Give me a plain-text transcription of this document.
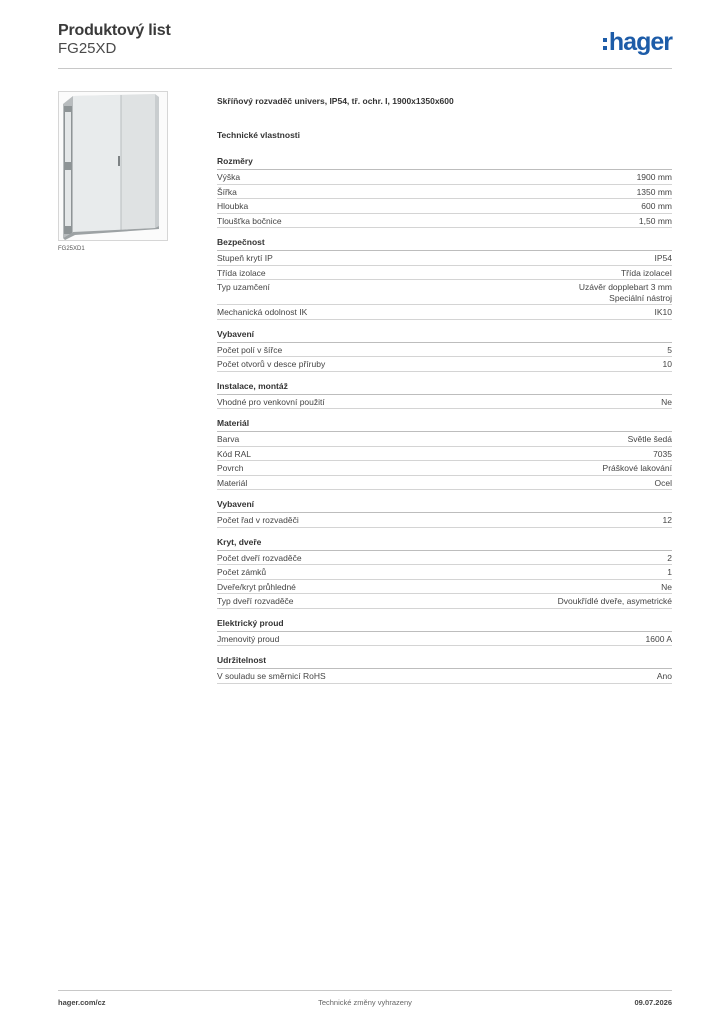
Produktový list
FG25XD	hager
FG25XD1
Skříňový rozvaděč univers, IP54, tř. ochr. I, 1900x1350x600
Technické vlastnosti
Rozměry
Výška	1900 mm
Šířka	1350 mm
Hloubka	600 mm
Tloušťka bočnice	1,50 mm
Bezpečnost
Stupeň krytí IP	IP54
Třída izolace	Třída izolaceI
Typ uzamčení	Uzávěr dopplebart 3 mm
Speciální nástroj
Mechanická odolnost IK	IK10
Vybavení
Počet polí v šířce	5
Počet otvorů v desce příruby	10
Instalace, montáž
Vhodné pro venkovní použití	Ne
Materiál
Barva	Světle šedá
Kód RAL	7035
Povrch	Práškové lakování
Materiál	Ocel
Vybavení
Počet řad v rozvaděči	12
Kryt, dveře
Počet dveří rozvaděče	2
Počet zámků	1
Dveře/kryt průhledné	Ne
Typ dveří rozvaděče	Dvoukřídlé dveře, asymetrické
Elektrický proud
Jmenovitý proud	1600 A
Udržitelnost
V souladu se směrnicí RoHS	Ano
hager.com/cz	Technické změny vyhrazeny	09.07.2026
